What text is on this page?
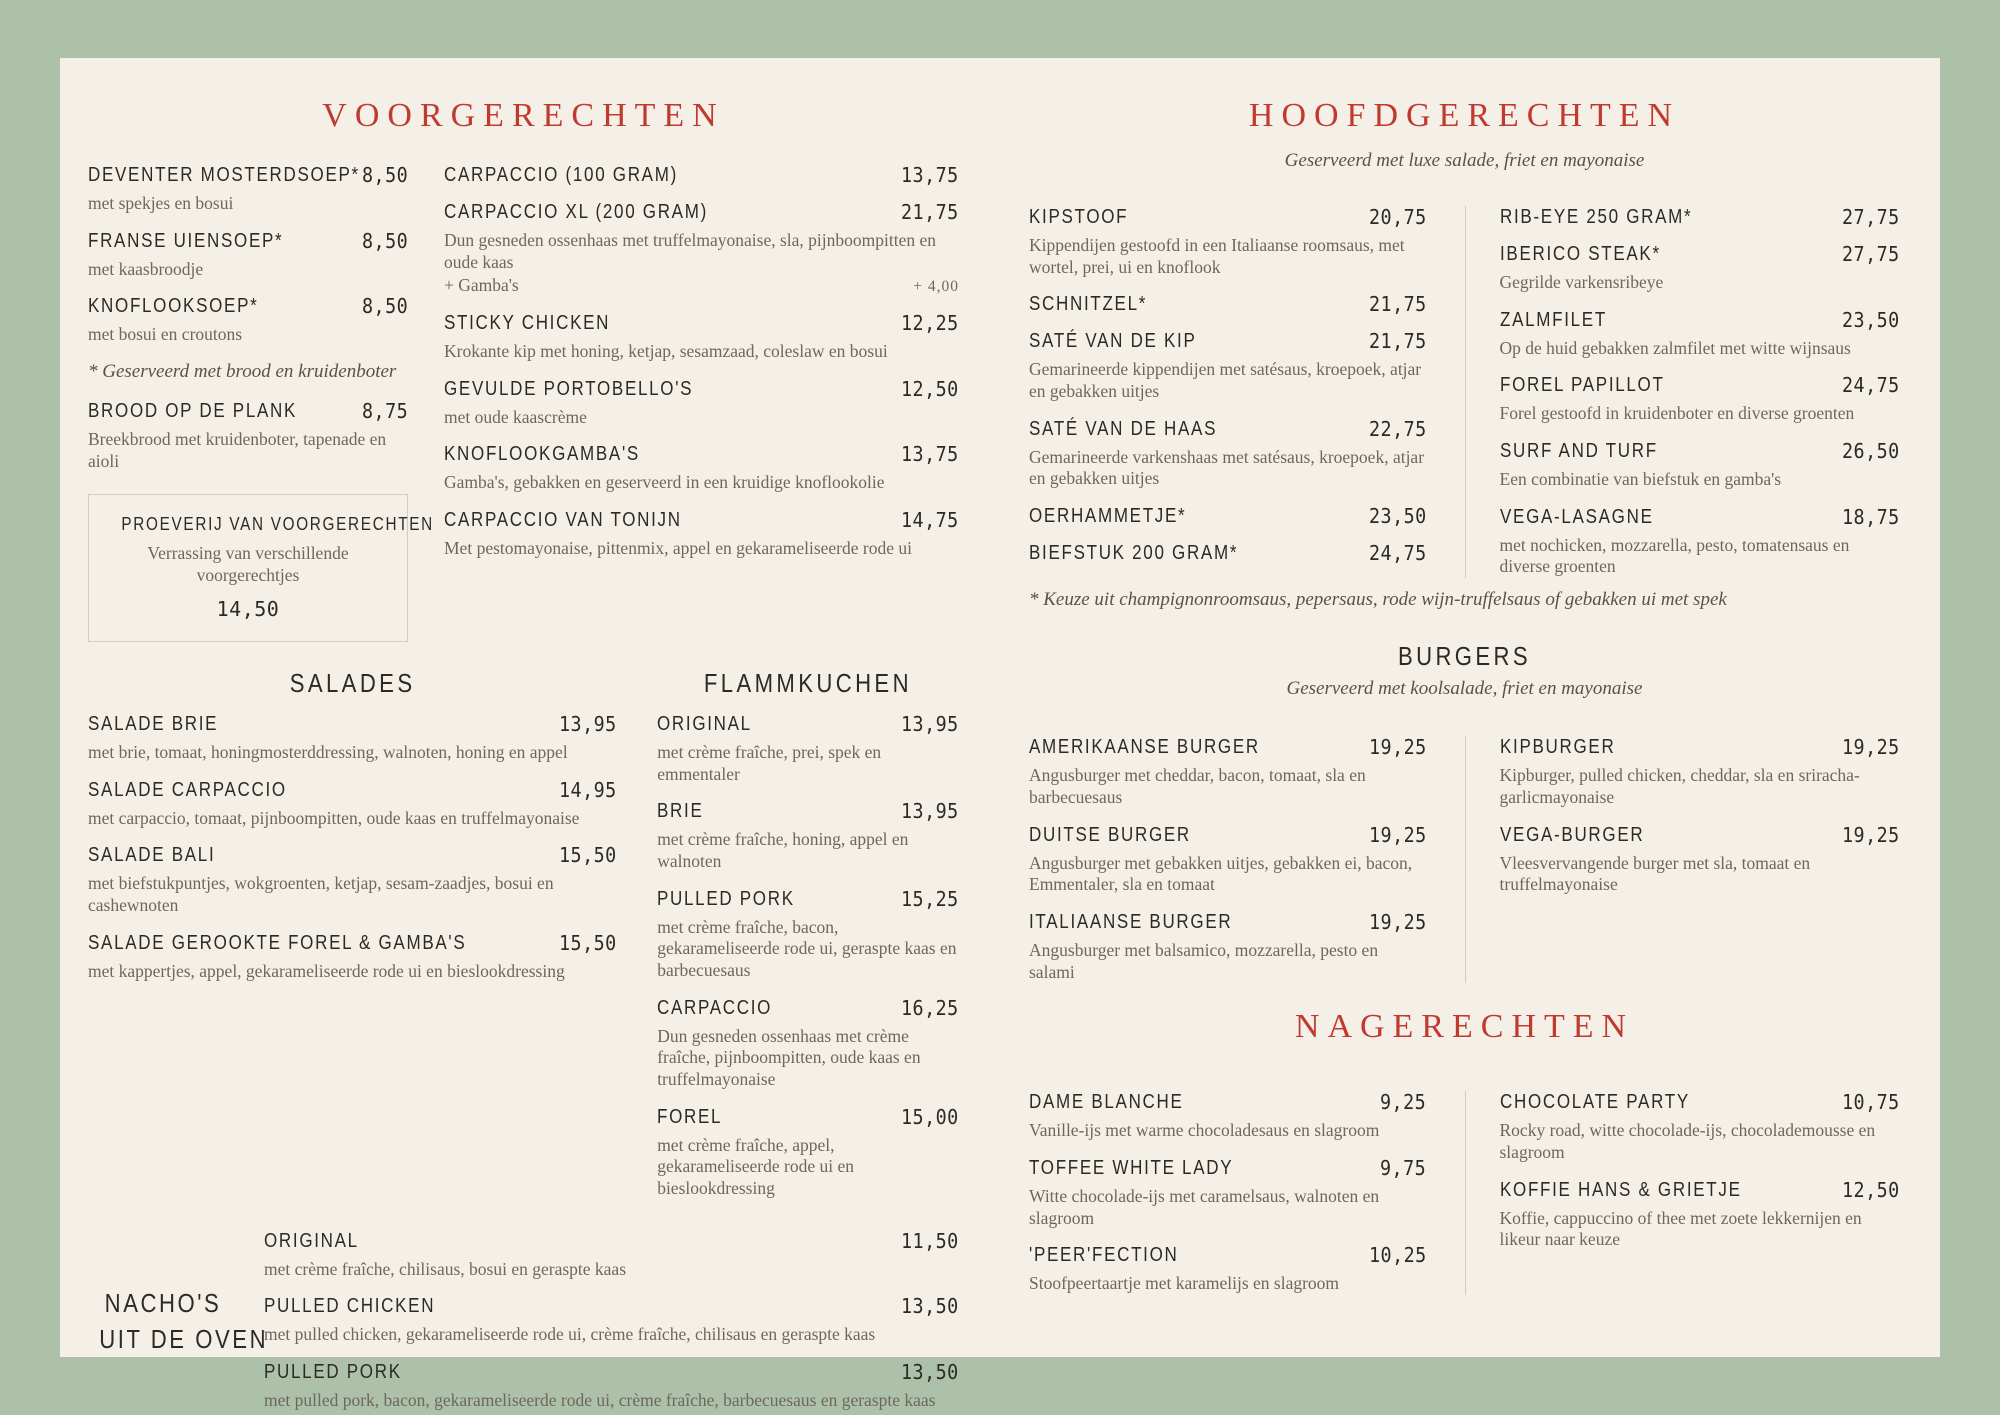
VOORGERECHTEN
DEVENTER MOSTERDSOEP* 8,50

met spekjes en bosui

FRANSE UIENSOEP*	8,50

met kaasbroodje

KNOFLOOKSOEP*	8,50

met bosui en croutons

* Geserveerd met brood en kruidenboter

BROOD OP DE PLANK	8,75

Breekbrood met kruidenboter, tapenade en aioli

PROEVERIJ VAN VOORGERECHTEN
Verrassing van verschillende voorgerechtjes
14,50
CARPACCIO (100 GRAM)	13,75
CARPACCIO XL (200 GRAM)	21,75

Dun gesneden ossenhaas met truffelmayonaise, sla, pijnboompitten en oude kaas

+ Gamba's	+ 4,00
STICKY CHICKEN	12,25

Krokante kip met honing, ketjap, sesamzaad, coleslaw en bosui

GEVULDE PORTOBELLO'S	12,50

met oude kaascrème

KNOFLOOKGAMBA'S	13,75

Gamba's, gebakken en geserveerd in een kruidige knoflookolie

CARPACCIO VAN TONIJN	14,75

Met pestomayonaise, pittenmix, appel en gekarameliseerde rode ui

SALADES
SALADE BRIE	13,95

met brie, tomaat, honingmosterddressing, walnoten, honing en appel

SALADE CARPACCIO	14,95

met carpaccio, tomaat, pijnboompitten, oude kaas en truffelmayonaise

SALADE BALI	15,50

met biefstukpuntjes, wokgroenten, ketjap, sesam-zaadjes, bosui en cashewnoten

SALADE GEROOKTE FOREL & GAMBA'S	15,50

met kappertjes, appel, gekarameliseerde rode ui en bieslookdressing

FLAMMKUCHEN
ORIGINAL	13,95

met crème fraîche, prei, spek en emmentaler

BRIE	13,95

met crème fraîche, honing, appel en walnoten

PULLED PORK	15,25

met crème fraîche, bacon, gekarameliseerde rode ui, geraspte kaas en barbecuesaus

CARPACCIO	16,25

Dun gesneden ossenhaas met crème fraîche, pijnboompitten, oude kaas en truffelmayonaise

FOREL	15,00

met crème fraîche, appel, gekarameliseerde rode ui en bieslookdressing

NACHO'S
UIT DE OVEN
ORIGINAL	11,50

met crème fraîche, chilisaus, bosui en geraspte kaas

PULLED CHICKEN	13,50

met pulled chicken, gekarameliseerde rode ui, crème fraîche, chilisaus en geraspte kaas

PULLED PORK	13,50

met pulled pork, bacon, gekarameliseerde rode ui, crème fraîche, barbecuesaus en geraspte kaas

HOOFDGERECHTEN

Geserveerd met luxe salade, friet en mayonaise

KIPSTOOF	20,75

Kippendijen gestoofd in een Italiaanse roomsaus, met wortel, prei, ui en knoflook

SCHNITZEL*	21,75
SATÉ VAN DE KIP	21,75

Gemarineerde kippendijen met satésaus, kroepoek, atjar en gebakken uitjes

SATÉ VAN DE HAAS	22,75

Gemarineerde varkenshaas met satésaus, kroepoek, atjar en gebakken uitjes

OERHAMMETJE*	23,50
BIEFSTUK 200 GRAM*	24,75
RIB-EYE 250 GRAM*	27,75
IBERICO STEAK*	27,75

Gegrilde varkensribeye

ZALMFILET	23,50

Op de huid gebakken zalmfilet met witte wijnsaus

FOREL PAPILLOT	24,75

Forel gestoofd in kruidenboter en diverse groenten

SURF AND TURF	26,50

Een combinatie van biefstuk en gamba's

VEGA-LASAGNE	18,75

met nochicken, mozzarella, pesto, tomatensaus en diverse groenten

* Keuze uit champignonroomsaus, pepersaus, rode wijn-truffelsaus of gebakken ui met spek

BURGERS

Geserveerd met koolsalade, friet en mayonaise

AMERIKAANSE BURGER	19,25

Angusburger met cheddar, bacon, tomaat, sla en barbecuesaus

DUITSE BURGER	19,25

Angusburger met gebakken uitjes, gebakken ei, bacon, Emmentaler, sla en tomaat

ITALIAANSE BURGER	19,25

Angusburger met balsamico, mozzarella, pesto en salami

KIPBURGER	19,25

Kipburger, pulled chicken, cheddar, sla en sriracha-garlicmayonaise

VEGA-BURGER	19,25

Vleesvervangende burger met sla, tomaat en truffelmayonaise

NAGERECHTEN
DAME BLANCHE	9,25

Vanille-ijs met warme chocoladesaus en slagroom

TOFFEE WHITE LADY	9,75

Witte chocolade-ijs met caramelsaus, walnoten en slagroom

'PEER'FECTION	10,25

Stoofpeertaartje met karamelijs en slagroom

CHOCOLATE PARTY	10,75

Rocky road, witte chocolade-ijs, chocolademousse en slagroom

KOFFIE HANS & GRIETJE	12,50

Koffie, cappuccino of thee met zoete lekkernijen en likeur naar keuze
